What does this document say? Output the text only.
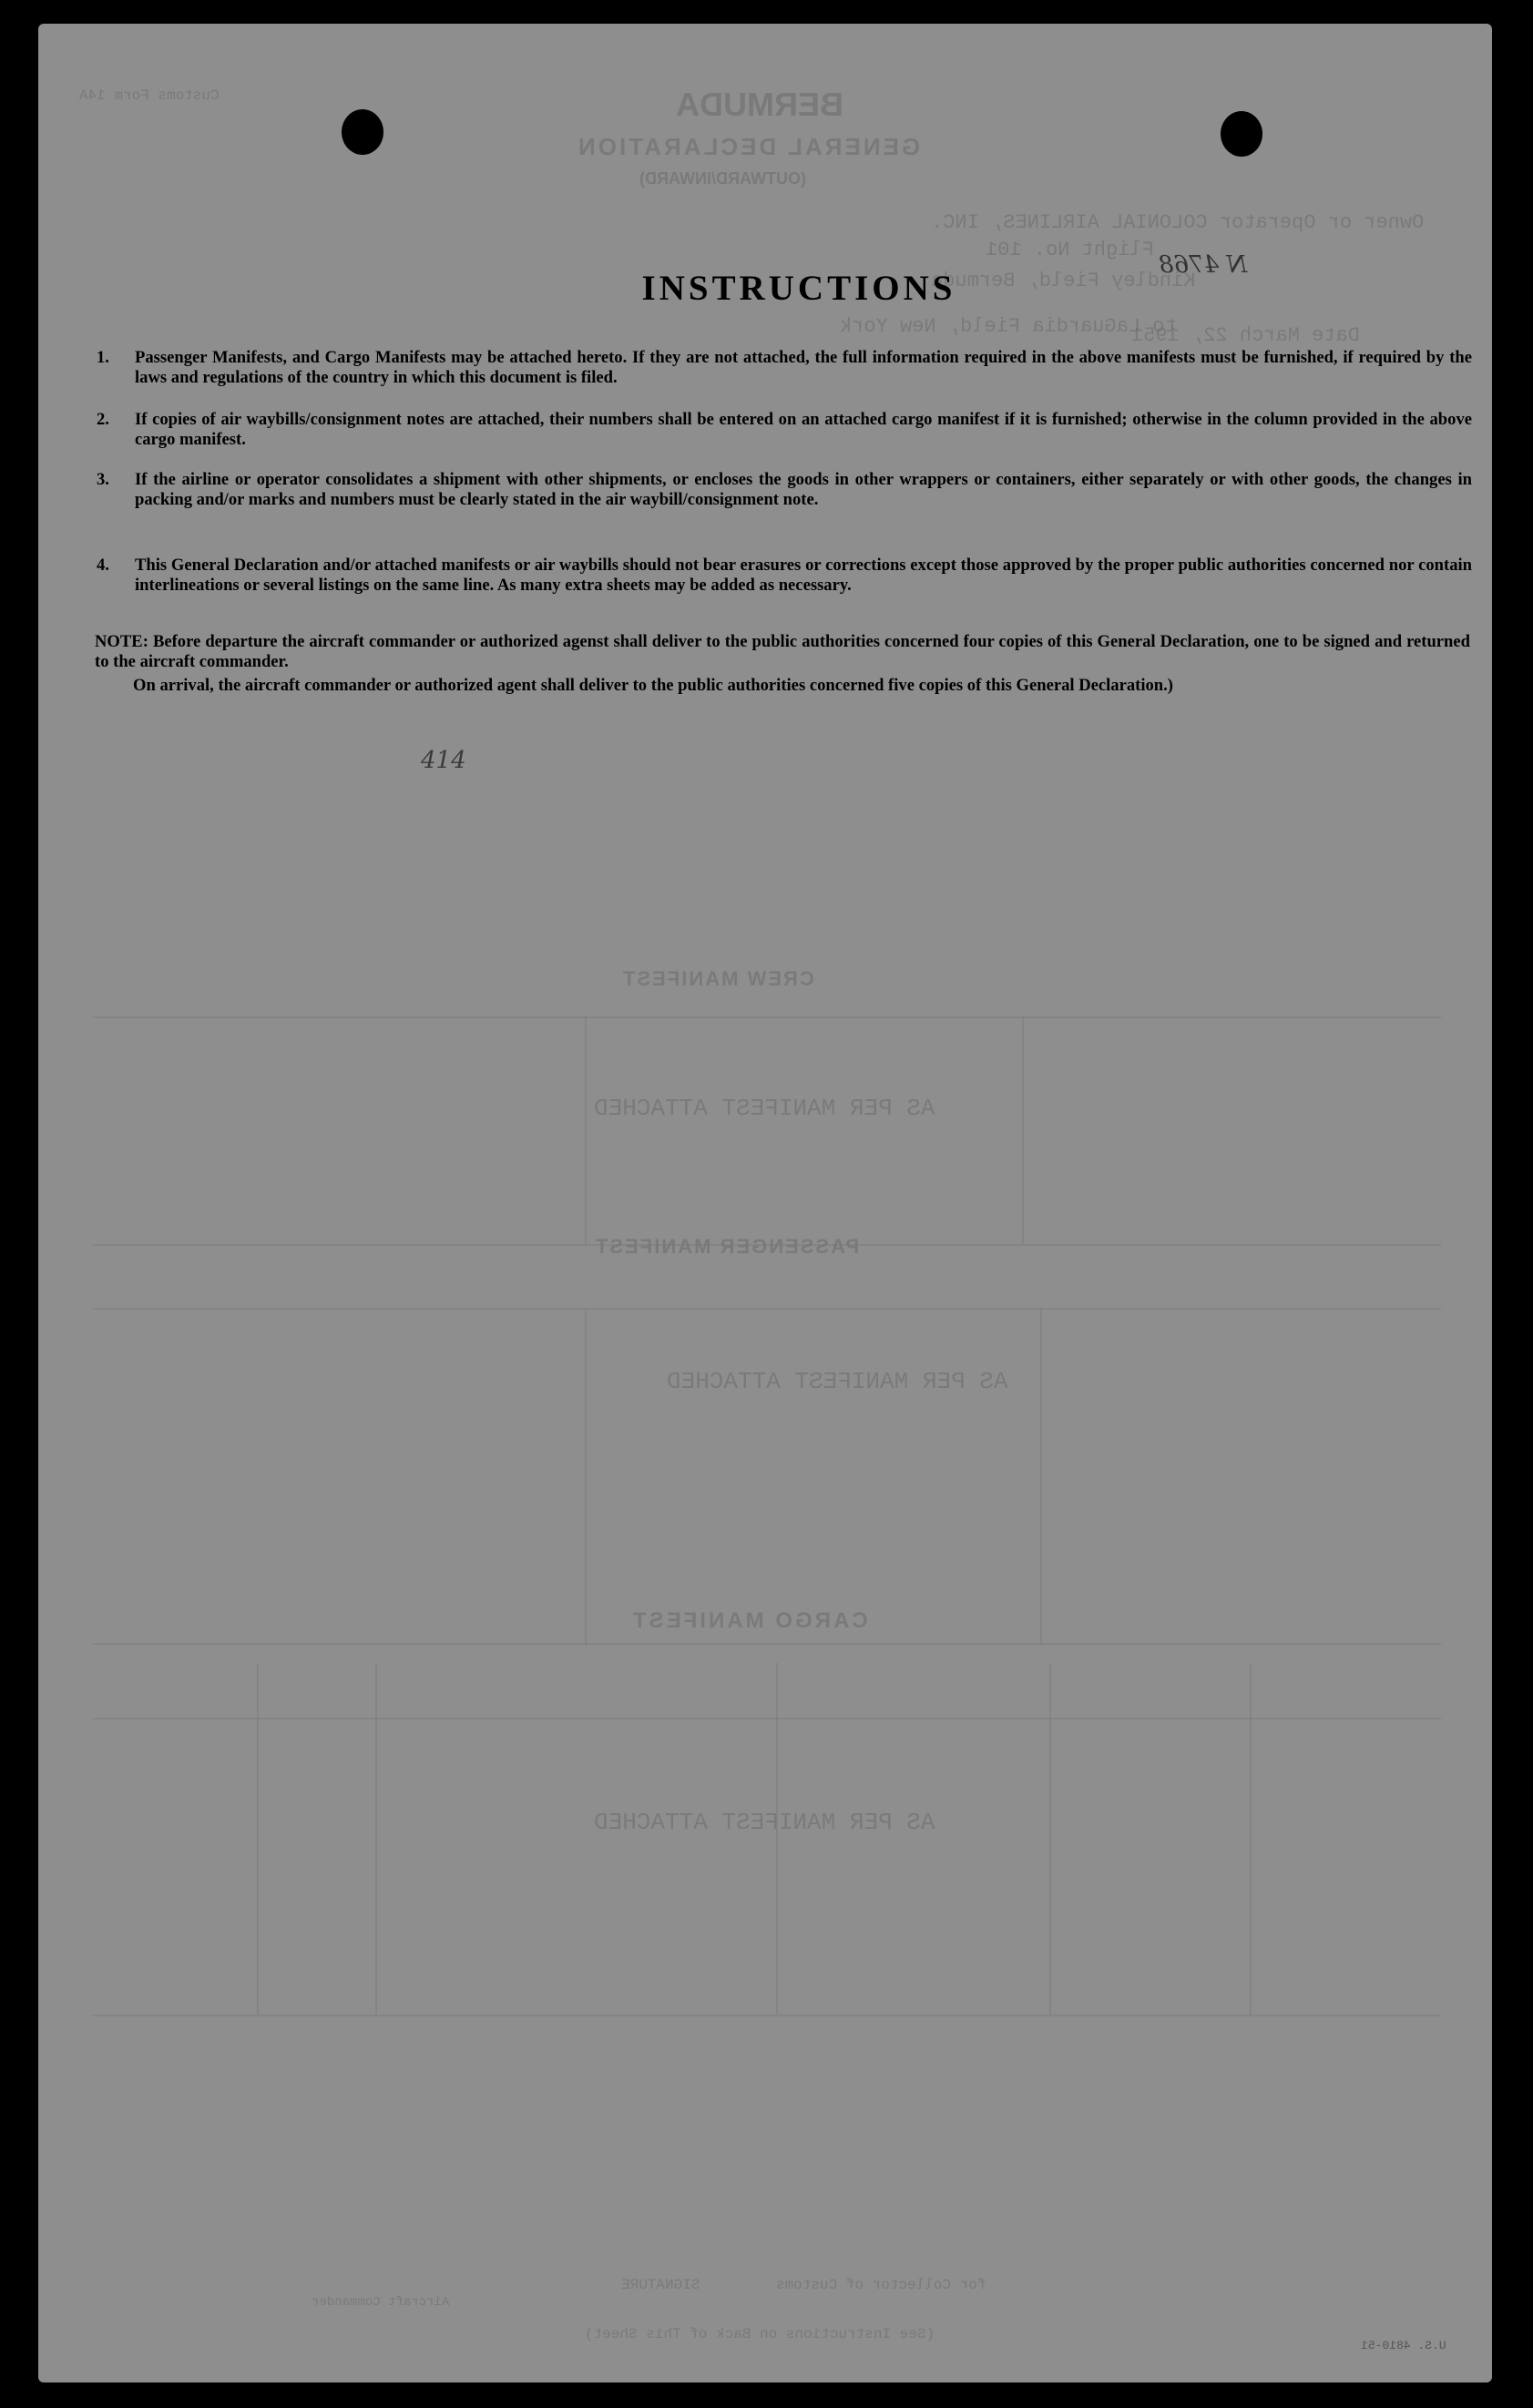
BERMUDA
GENERAL DECLARATION
(OUTWARD/INWARD)
Customs Form 14A
Owner or Operator COLONIAL AIRLINES, INC.
Flight No. 101
Kindley Field, Bermuda
to LaGuardia Field, New York
Date March 22, 1951
CREW MANIFEST
AS PER MANIFEST ATTACHED
PASSENGER MANIFEST
AS PER MANIFEST ATTACHED
CARGO MANIFEST
AS PER MANIFEST ATTACHED
for Collector of Customs
SIGNATURE
Aircraft Commander
(See Instructions on Back of This Sheet)
U.S. 4810-51
N 4768
414
INSTRUCTIONS
1. Passenger Manifests, and Cargo Manifests may be attached hereto. If they are not attached, the full information required in the above manifests must be furnished, if required by the laws and regulations of the country in which this document is filed.
2. If copies of air waybills/consignment notes are attached, their numbers shall be entered on an attached cargo manifest if it is furnished; otherwise in the column provided in the above cargo manifest.
3. If the airline or operator consolidates a shipment with other shipments, or encloses the goods in other wrappers or containers, either separately or with other goods, the changes in packing and/or marks and numbers must be clearly stated in the air waybill/consignment note.
4. This General Declaration and/or attached manifests or air waybills should not bear erasures or corrections except those approved by the proper public authorities concerned nor contain interlineations or several listings on the same line. As many extra sheets may be added as necessary.
NOTE: Before departure the aircraft commander or authorized agenst shall deliver to the public authorities concerned four copies of this General Declaration, one to be signed and returned to the aircraft commander.
On arrival, the aircraft commander or authorized agent shall deliver to the public authorities concerned five copies of this General Declaration.)
